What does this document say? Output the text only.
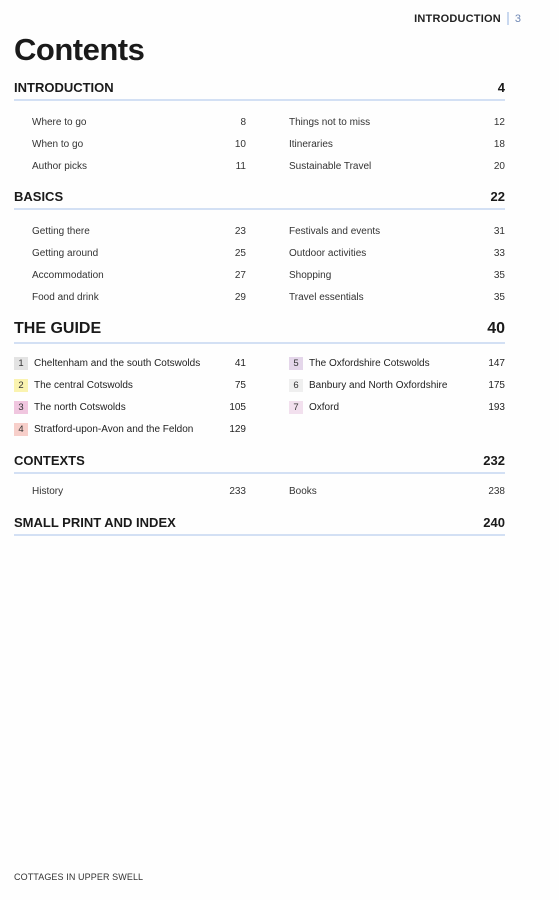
INTRODUCTION 3
Contents
INTRODUCTION	4
Where to go	8
When to go	10
Author picks	11
Things not to miss	12
Itineraries	18
Sustainable Travel	20
BASICS	22
Getting there	23
Getting around	25
Accommodation	27
Food and drink	29
Festivals and events	31
Outdoor activities	33
Shopping	35
Travel essentials	35
THE GUIDE	40
1	Cheltenham and the south Cotswolds	41
2	The central Cotswolds	75
3	The north Cotswolds	105
4	Stratford-upon-Avon and the Feldon	129
5	The Oxfordshire Cotswolds	147
6	Banbury and North Oxfordshire	175
7	Oxford	193
CONTEXTS	232
History	233	Books	238
SMALL PRINT AND INDEX	240
COTTAGES IN UPPER SWELL
